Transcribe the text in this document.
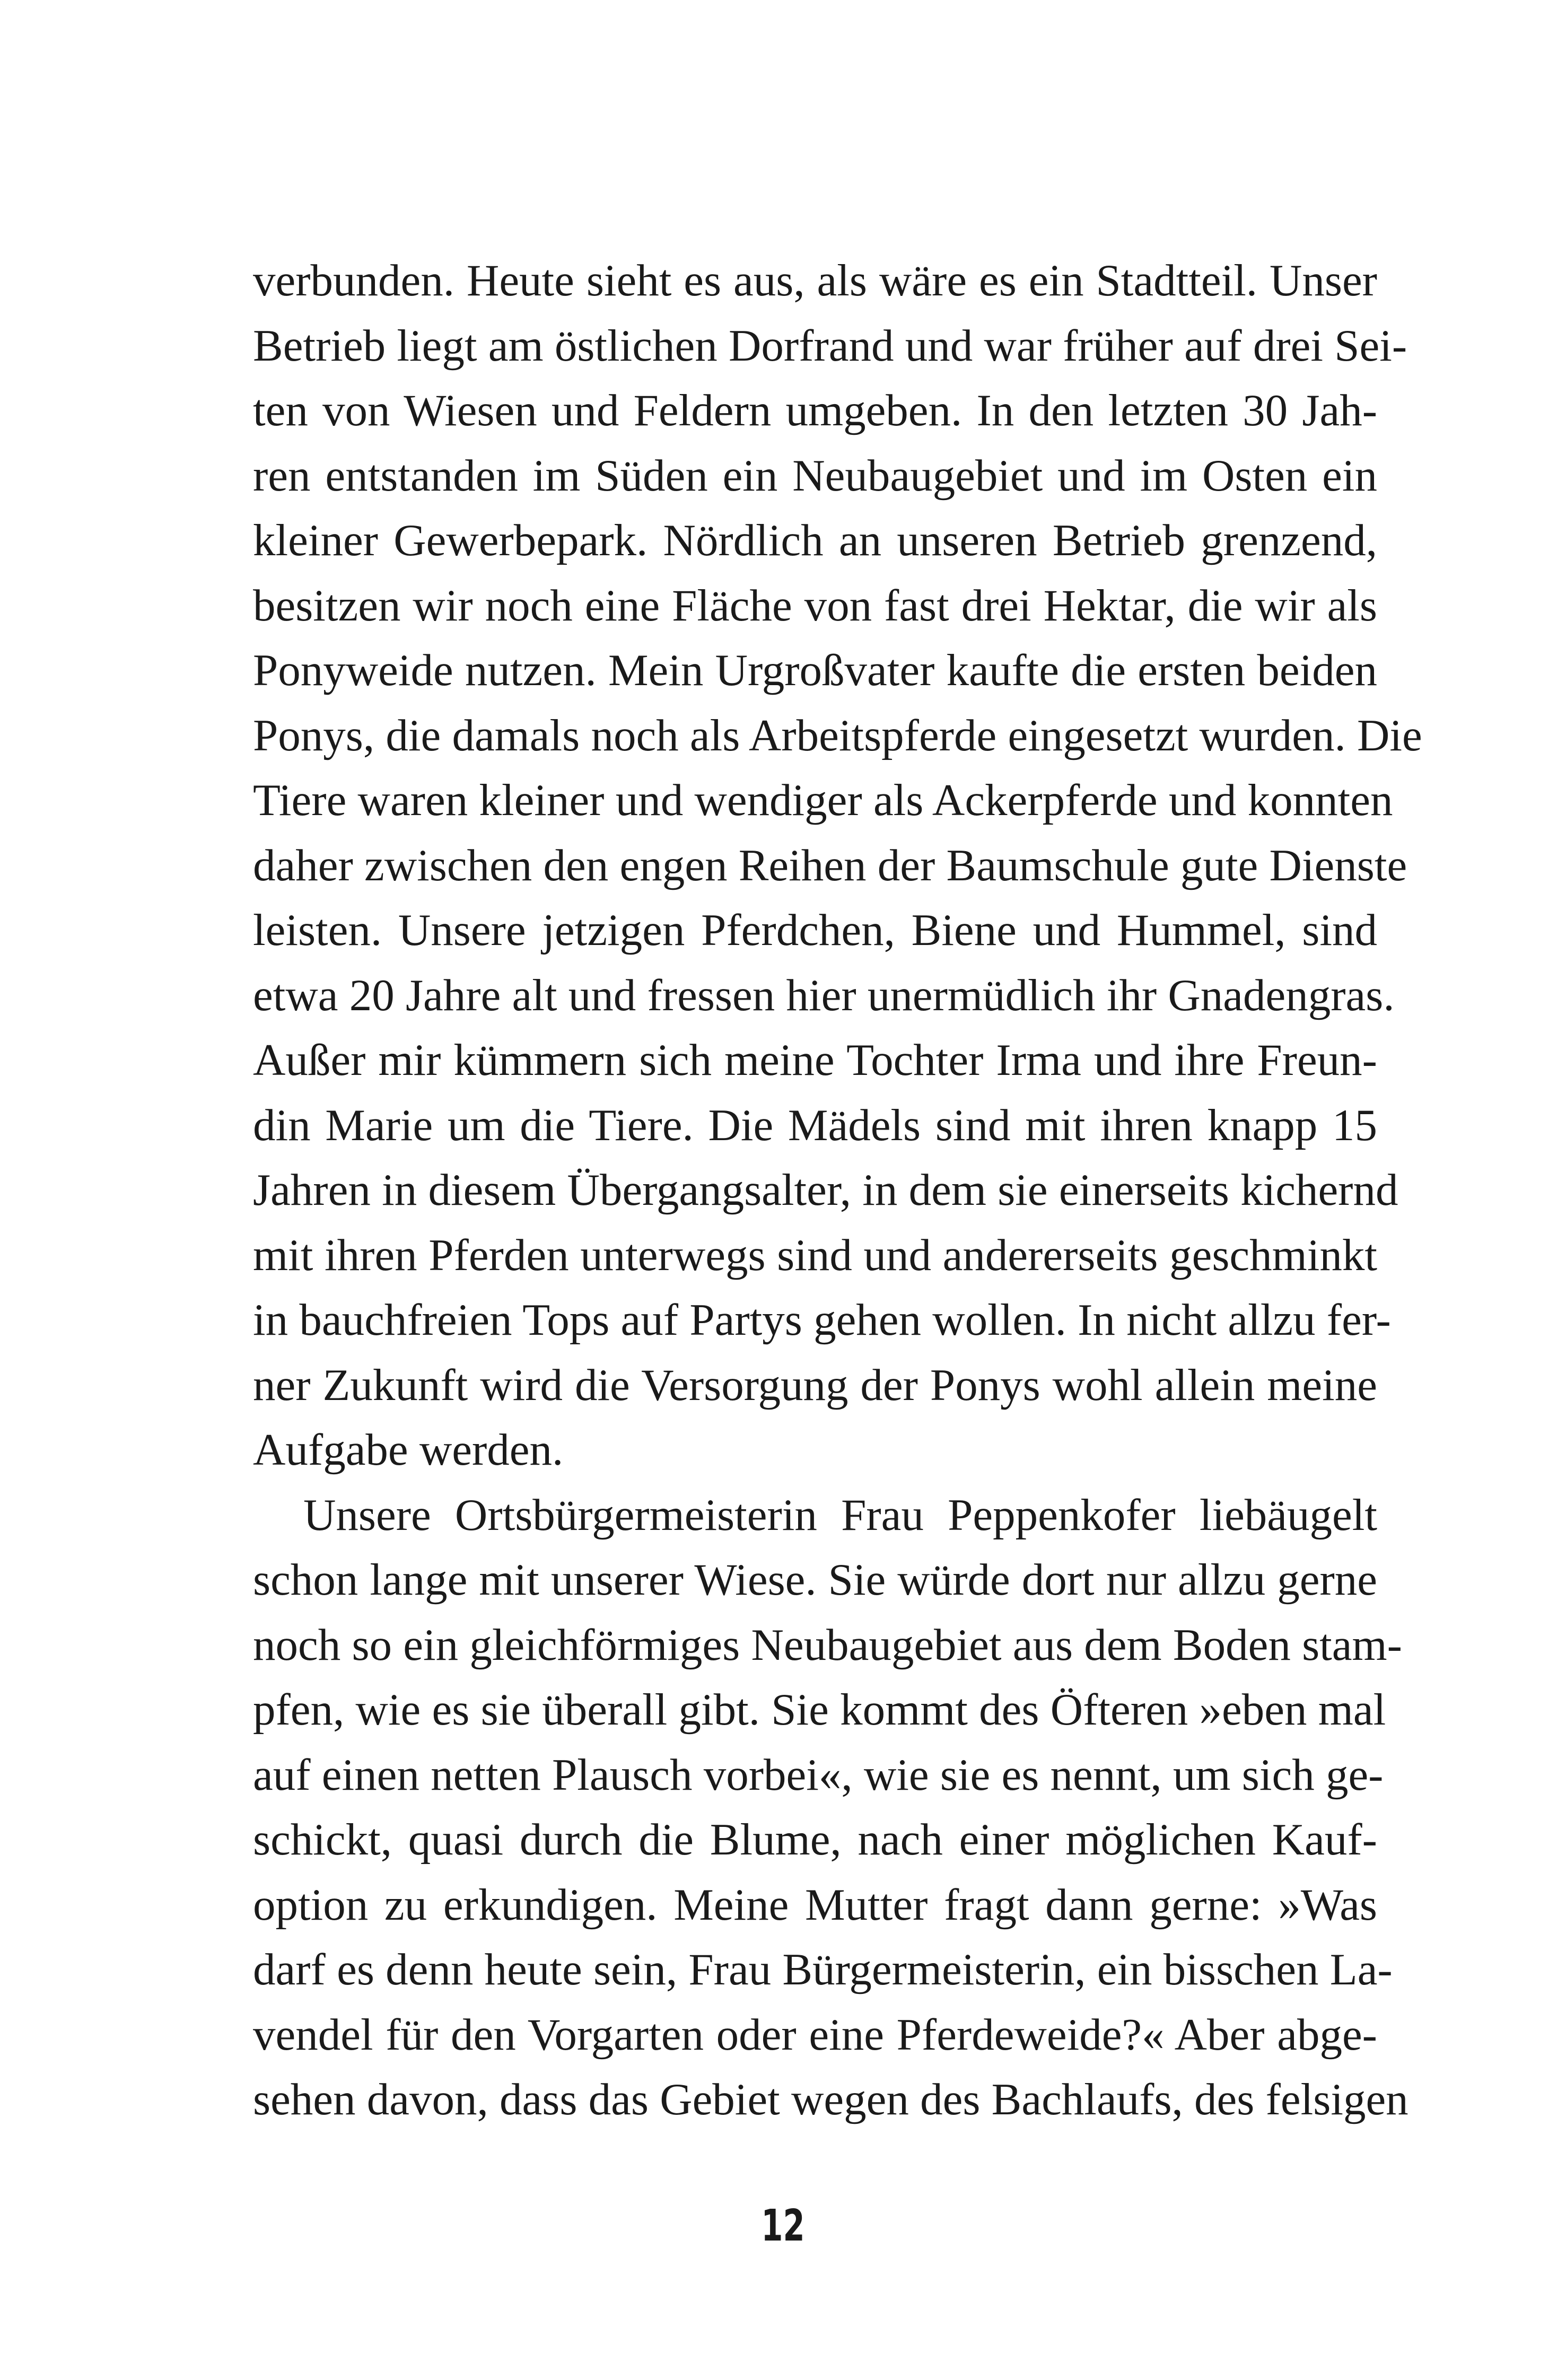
verbunden. Heute sieht es aus, als wäre es ein Stadtteil. Unser
Betrieb liegt am östlichen Dorfrand und war früher auf drei Sei-
ten von Wiesen und Feldern umgeben. In den letzten 30 Jah-
ren entstanden im Süden ein Neubaugebiet und im Osten ein
kleiner Gewerbepark. Nördlich an unseren Betrieb grenzend,
besitzen wir noch eine Fläche von fast drei Hektar, die wir als
Ponyweide nutzen. Mein Urgroßvater kaufte die ersten beiden
Ponys, die damals noch als Arbeitspferde eingesetzt wurden. Die
Tiere waren kleiner und wendiger als Ackerpferde und konnten
daher zwischen den engen Reihen der Baumschule gute Dienste
leisten. Unsere jetzigen Pferdchen, Biene und Hummel, sind
etwa 20 Jahre alt und fressen hier unermüdlich ihr Gnadengras.
Außer mir kümmern sich meine Tochter Irma und ihre Freun-
din Marie um die Tiere. Die Mädels sind mit ihren knapp 15
Jahren in diesem Übergangsalter, in dem sie einerseits kichernd
mit ihren Pferden unterwegs sind und andererseits geschminkt
in bauchfreien Tops auf Partys gehen wollen. In nicht allzu fer-
ner Zukunft wird die Versorgung der Ponys wohl allein meine
Aufgabe werden.
Unsere Ortsbürgermeisterin Frau Peppenkofer liebäugelt
schon lange mit unserer Wiese. Sie würde dort nur allzu gerne
noch so ein gleichförmiges Neubaugebiet aus dem Boden stam-
pfen, wie es sie überall gibt. Sie kommt des Öfteren »eben mal
auf einen netten Plausch vorbei«, wie sie es nennt, um sich ge-
schickt, quasi durch die Blume, nach einer möglichen Kauf-
option zu erkundigen. Meine Mutter fragt dann gerne: »Was
darf es denn heute sein, Frau Bürgermeisterin, ein bisschen La-
vendel für den Vorgarten oder eine Pferdeweide?« Aber abge-
sehen davon, dass das Gebiet wegen des Bachlaufs, des felsigen
12
